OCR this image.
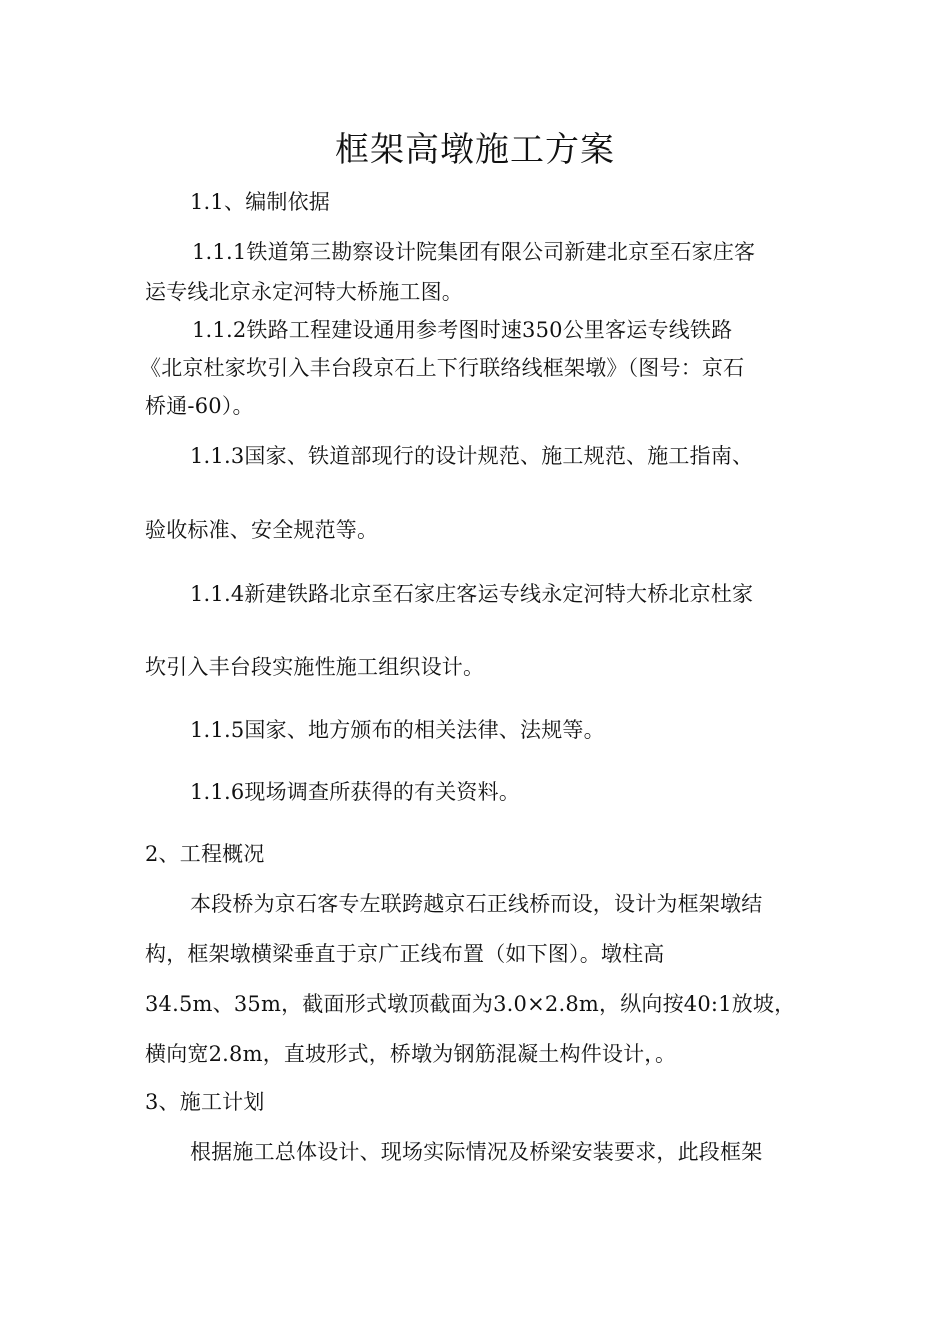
框架高墩施工方案
1.1、编制依据
1.1.1铁道第三勘察设计院集团有限公司新建北京至石家庄客
运专线北京永定河特大桥施工图。
1.1.2铁路工程建设通用参考图时速350公里客运专线铁路
《北京杜家坎引入丰台段京石上下行联络线框架墩》（图号：京石
桥通-60）。
1.1.3国家、铁道部现行的设计规范、施工规范、施工指南、
验收标准、安全规范等。
1.1.4新建铁路北京至石家庄客运专线永定河特大桥北京杜家
坎引入丰台段实施性施工组织设计。
1.1.5国家、地方颁布的相关法律、法规等。
1.1.6现场调查所获得的有关资料。
2、工程概况
本段桥为京石客专左联跨越京石正线桥而设，设计为框架墩结
构，框架墩横梁垂直于京广正线布置（如下图）。墩柱高
34.5m、35m，截面形式墩顶截面为3.0×2.8m，纵向按40:1放坡，
横向宽2.8m，直坡形式，桥墩为钢筋混凝土构件设计，。
3、施工计划
根据施工总体设计、现场实际情况及桥梁安装要求，此段框架
